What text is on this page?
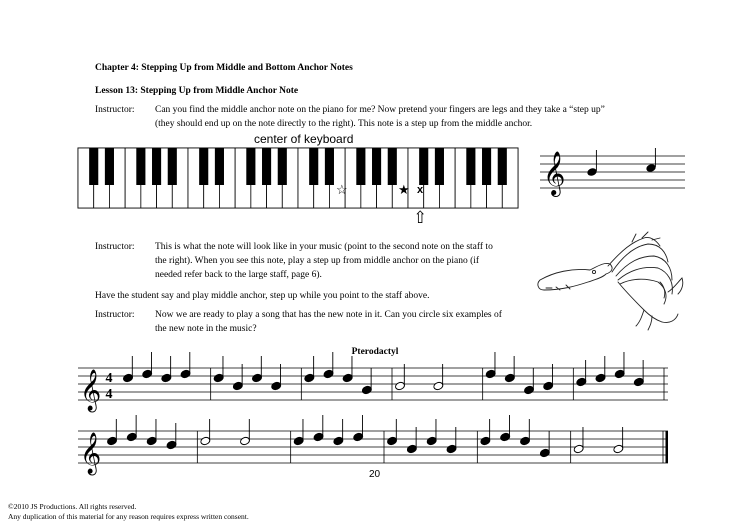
Chapter 4: Stepping Up from Middle and Bottom Anchor Notes
Lesson 13: Stepping Up from Middle Anchor Note
Instructor: Can you find the middle anchor note on the piano for me? Now pretend your fingers are legs and they take a “step up”
(they should end up on the note directly to the right). This note is a step up from the middle anchor.
center of keyboard
☆	★ x
⇧
𝄞
Instructor: This is what the note will look like in your music (point to the second note on the staff to
the right). When you see this note, play a step up from middle anchor on the piano (if
needed refer back to the large staff, page 6).
Have the student say and play middle anchor, step up while you point to the staff above.
Instructor: Now we are ready to play a song that has the new note in it. Can you circle six examples of
the new note in the music?
Pterodactyl
𝄞 4
4
𝄞
20
©2010 JS Productions. All rights reserved.
Any duplication of this material for any reason requires express written consent.
